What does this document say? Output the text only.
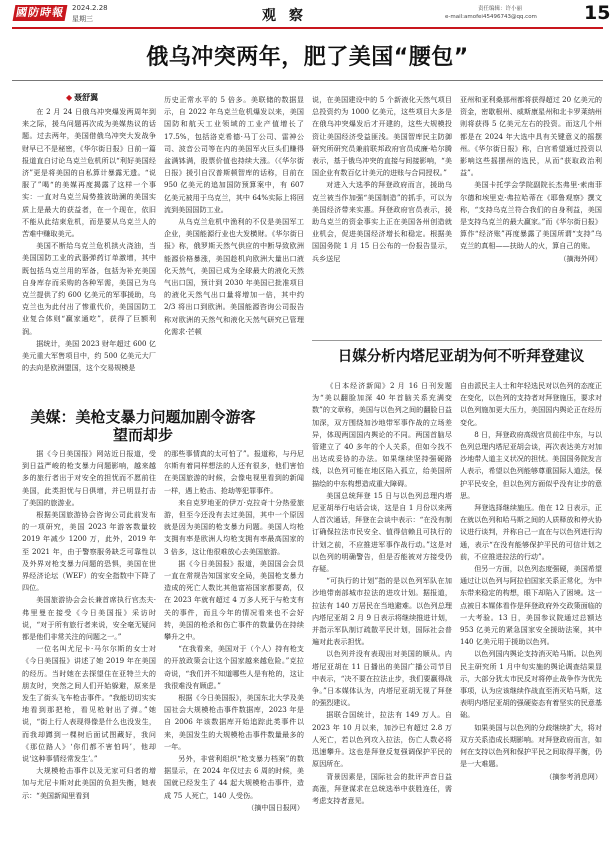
國防時報 2024.2.28
星期三	观 察	责任编辑：许小丽
e-mail:amofei45496743@qq.com 15
俄乌冲突两年，肥了美国“腰包”
◆ 聂舒翼

在 2 月 24 日俄乌冲突爆发两周年到来之际，援乌问题再次成为美媒热议的话题。过去两年，美国借俄乌冲突大发战争财早已不是秘密，《华尔街日报》日前一篇报道直白讨论乌克兰危机所以“利好美国经济”更是将美国的自私算计暴露无遗。“说服了”喝“的美媒再度揭露了这样一个事实：一直对乌克兰局势推波助澜的美国实质上是最大的获益者，在一个现在，依旧不能从此结束危机，而是要从乌克兰人的苦难中赚取美元。

美国不断给乌克兰危机拱火浇油，当美国国防工业的武器弹药订单激增，其中既包括乌克兰用的军备，包括为补充美国自身库存而采购的各种军需，美国已为乌克兰提供了约 600 亿美元的军事援助，乌克兰也为此付出了惨重代价，美国国防工业复合体则“赢家通吃”，获得了巨额利润。

据统计，美国 2023 财年超过 600 亿美元重大军售项目中，约 500 亿美元大厂的去向是欧洲盟国，这个交易规模是

历史正常水平的 5 倍多。美联储的数据显示，自 2022 年乌克兰危机爆发以来，美国国防和航天工业领域的工业产值增长了 17.5%，包括洛克希德·马丁公司、雷神公司、波音公司等在内的美国军火巨头们赚得盆满钵满，股票价值也持续大涨。（《华尔街日报》援引自汉普斯顿智库的话称，目前在 950 亿美元的追加国防预算案中，有 607 亿美元被用于乌克兰，其中 64%实际上将回流到美国国防工业。

从乌克兰危机中渔利的不仅是美国军工企业，美国能源行业也大发横财。《华尔街日报》称，俄罗斯天然气供应的中断导致欧洲能源价格暴涨，美国趁机向欧洲大量出口液化天然气，美国已成为全球最大的液化天然气出口国，预计到 2030 年美国已批准项目的液化天然气出口量将增加一倍，其中约 2/3 将出口到欧洲。美国能源咨询公司报告称对欧洲的天然气和液化天然气研究已管理化需求·芒顿

说，在美国建设中的 5 个新液化天然气项目总投资约为 1000 亿美元，这些项目大多是在俄乌冲突爆发后才开建的，这些大规模投资让美国经济受益匪浅。美国智库民主防御研究所研究员兼前联邦政府官员成廉·哈尔腾表示，基于俄乌冲突的直接与间接影响，“美国企业有数百亿计美元的进账与合同授权。”

对进入大选季的拜登政府而言，援助乌克兰被当作加强“美国制造”的抓手，可以为美国经济带来实惠。拜登政府官员表示，援助乌克兰的资金事实上正在美国各州创造就业机会，促进美国经济增长和稳定。根据美国国务院 1 月 15 日公布的一份报告显示，兵乡送尼

亚州和亚利桑那州都将获得超过 20 亿美元的资金，密歇根州、威斯康星州和北卡罗莱纳州则将获得 5 亿美元左右的投资。而这几个州都是在 2024 年大选中具有关键意义的摇摆州。《华尔街日报》称，白宫希望通过投资以影响这些摇摆州的选民，从而“获取政治利益”。

美国卡托学会学院副院长杰弗里·索南菲尔德和埃里克·弗拉哈蒂在《耶鲁观察》撰文称，“支持乌克兰符合我们的自身利益，美国是支持乌克兰的最大赢家。”而《华尔街日报》算作“经济账”再度暴露了美国所谓“支持”乌克兰的真相——扶助人的火，算自己的账。

（摘海外网）

美媒：美枪支暴力问题加剧令游客望而却步

据《今日美国报》网站近日报道，受到日益严峻的枪支暴力问题影响，越来越多的旅行者出于对安全的担忧而不愿前往美国，此类担忧与日俱增，并已明显打击了美国的旅游业。

根据美国旅游协会咨询公司此前发布的一项研究，美国 2023 年游客数量较 2019 年减少 1200 万，此外，2019 年至 2021 年，由于警察服务缺乏可靠性以及外界对枪支暴力问题的恐惧，美国在世界经济论坛（WEF）的安全指数中下降了四位。

美国旅游协会会长兼首席执行官杰夫·弗里曼在接受《今日美国报》采访时说，“对于所有旅行者来说，安全毫无疑问都是他们非常关注的问题之一。”

一位名叫尤尼卡·马尔尔斯的女士对《今日美国报》讲述了她 2019 年在美国的经历。当时她在去探望住在亚特兰大的朋友时，突然之间人们开始躲避，原来是发生了街头飞车枪击事件。“我能切切实实地看到那把枪，看见枪射出了弹。”她说，“街上行人表现得像是什么也没发生，而我却蹲到一棵树后面试图藏好，我问《那位路人》‘你们都不害怕吗’，他却说‘这种事情经常发生’。”

大规模枪击事件以及无家可归者的增加与尤尼卡斯对此美国的负担失衡，她表示：“美国新闻里看到

的那些事情真的太可怕了”。报道称，与丹尼尔斯有着同样想法的人还有很多，他们害怕在美国旅游的时候，会像电视里看到的新闻一样，遇上枪击、抢劫等犯罪事件。

来自克罗地亚的伊万·克拉奇十分热爱旅游，但至今还没有去过美国，其中一个原因就是因为美国的枪支暴力问题。美国人均枪支拥有率是欧洲人均枪支拥有率最高国家的 3 倍多，这让他很难放心去美国旅游。

据《今日美国报》报道，美国国会会员一直在常规告知国家安全局，美国枪支暴力造成的死亡人数比其他富裕国家都要高，仅在 2023 年就有超过 4 万多人死于与枪支有关的事件，而且今年的情况看来也不会好转，美国的枪杀和伤亡事件的数量仍在持续攀升之中。

“在我看来，美国对于（个人）持有枪支的开放政策会让这个国家越来越危险。”克拉奇说，“我们并不知道哪些人是有枪的，这让我很难没有顾虑。”

根据《今日美国报》，美国东北大学及美国社会大规模枪击事件数据库，2023 年是自 2006 年该数据库开始追踪此类事件以来，美国发生的大规模枪击事件数量最多的一年。

另外，非营利组织“枪支暴力档案”的数据显示，在 2024 年仅过去 6 周的时候，美国就已经发生了 44 起大规模枪击事件，造成 75 人死亡，140 人受伤。

（摘中国日报网）

日媒分析内塔尼亚胡为何不听拜登建议

《日本经济新闻》2 月 16 日刊发题为“美以翻脸加深 40 年首脑关系充满变数”的文章称，美国与以色列之间的翻脸日益加深，双方围绕加沙地带军事作战的立场差异，体现两国国内舆论的不同。两国首脑尽管建立了 40 多年的个人关系，但如今找不出达成妥协的办法。如果继续坚持强硬路线，以色列可能在地区陷入孤立，给美国所描绘的中东构想造成重大障碍。

美国总统拜登 15 日与以色列总理内塔尼亚胡举行电话会谈，这是自 1 月份以来两人首次通话，拜登在会谈中表示：“在没有制订确保拉法市民安全、值得信赖且可执行的计划之前，不应推进军事作战行动。”这是对以色列的明确警告，但是否能被对方接受仍存疑。

“可执行的计划”指的是以色列军队在加沙地带南部城市拉法的进攻计划。据报道，拉法有 140 万居民在当地避难。以色列总理内塔尼亚胡 2 月 9 日表示将继续推进计划，并指示军队制订疏散平民计划，国际社会普遍对此表示担忧。

以色列并没有表现出对美国的顺从。内塔尼亚胡在 11 日播出的美国广播公司节目中表示，“决不要在拉法止步，我们要赢得战争。”日本媒体认为，内塔尼亚胡无视了拜登的强烈建议。

据联合国统计，拉法有 149 万人。自 2023 年 10 月以来，加沙已有超过 2.8 万人死亡，若以色列攻入拉法，伤亡人数必将迅速攀升。这也是拜登反复强调保护平民的原因所在。

背景因素是，国际社会的批评声音日益高涨，拜登谋求在总统选举中获胜连任，需考虑支持者意见。

自由派民主人士和年轻选民对以色列的态度正在变化，以色列的支持者对拜登施压，要求对以色列施加更大压力，美国国内舆论正在经历变化。

8 日，拜登政府高级官员前往中东，与以色列总理内塔尼亚胡会谈，再次表达美方对加沙地带人道主义状况的担忧。美国国务院发言人表示，希望以色列能够尊重国际人道法，保护平民安全，但以色列方面似乎没有让步的意思。

拜登选择继续施压。他在 12 日表示，正在就以色列和哈马斯之间的人质释放和停火协议进行谈判，并称自己一直在与以色列进行沟通，表示“在没有能够保护平民的可信计划之前，不应推进拉法的行动”。

但另一方面，以色列态度强硬，美国希望通过让以色列与阿拉伯国家关系正常化，为中东带来稳定的构想，眼下却陷入了困境。这一点被日本媒体看作是拜登政府外交政策面临的一大考验。13 日，美国参议院通过总额达 953 亿美元的紧急国家安全援助法案，其中 140 亿美元用于援助以色列。

以色列国内舆论支持消灭哈马斯。以色列民主研究所 1 月中旬实施的舆论调查结果显示，大部分犹太市民反对将停止战争作为优先事项，认为应该继续作战直至消灭哈马斯，这表明内塔尼亚胡的强硬姿态有着坚实的民意基础。

如果美国与以色列的分歧继续扩大，将对双方关系造成长期影响。对拜登政府而言，如何在支持以色列和保护平民之间取得平衡，仍是一大难题。

（摘参考消息网）
